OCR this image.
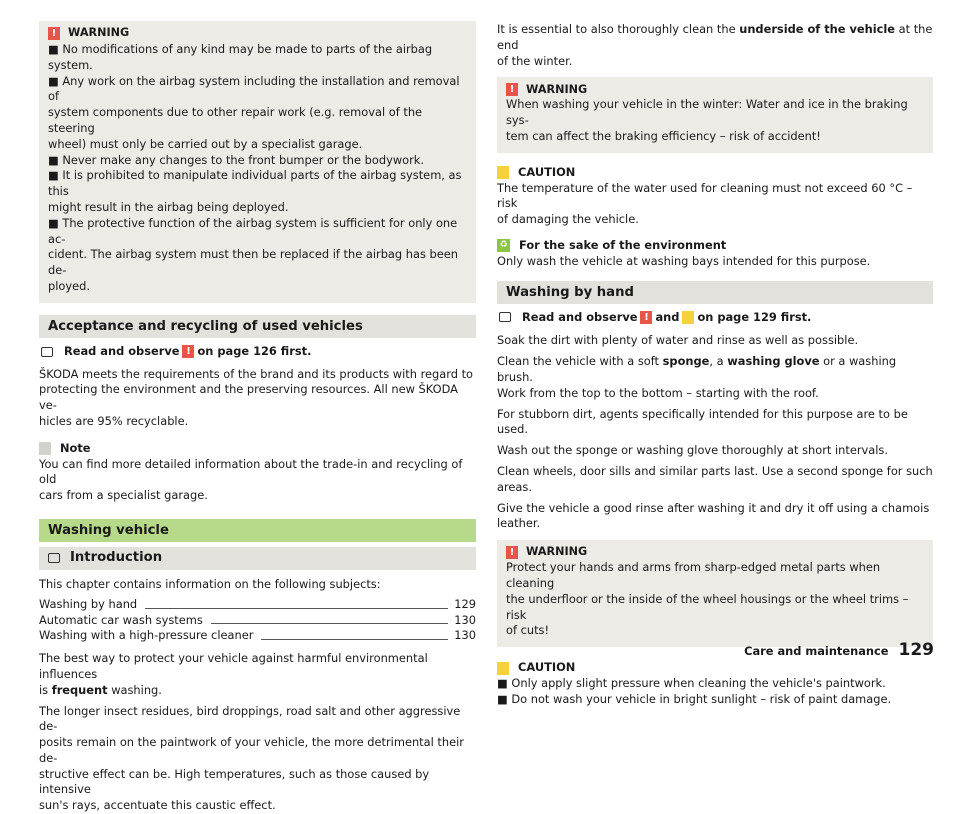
!	WARNING

■ No modifications of any kind may be made to parts of the airbag system.

■ Any work on the airbag system including the installation and removal of

system components due to other repair work (e.g. removal of the steering

wheel) must only be carried out by a specialist garage.

■ Never make any changes to the front bumper or the bodywork.

■ It is prohibited to manipulate individual parts of the airbag system, as this

might result in the airbag being deployed.

■ The protective function of the airbag system is sufficient for only one ac-

cident. The airbag system must then be replaced if the airbag has been de-

ployed.

Acceptance and recycling of used vehicles
Read and observe ! on page 126 first.

ŠKODA meets the requirements of the brand and its products with regard to

protecting the environment and the preserving resources. All new ŠKODA ve-

hicles are 95% recyclable.

Note

You can find more detailed information about the trade-in and recycling of old

cars from a specialist garage.

Washing vehicle
Introduction

This chapter contains information on the following subjects:

Washing by hand	129
Automatic car wash systems	130
Washing with a high-pressure cleaner	130

The best way to protect your vehicle against harmful environmental influences

is frequent washing.

The longer insect residues, bird droppings, road salt and other aggressive de-

posits remain on the paintwork of your vehicle, the more detrimental their de-

structive effect can be. High temperatures, such as those caused by intensive

sun's rays, accentuate this caustic effect.

It is essential to also thoroughly clean the underside of the vehicle at the end

of the winter.

!	WARNING

When washing your vehicle in the winter: Water and ice in the braking sys-

tem can affect the braking efficiency – risk of accident!

CAUTION

The temperature of the water used for cleaning must not exceed 60 °C – risk

of damaging the vehicle.

♻ For the sake of the environment

Only wash the vehicle at washing bays intended for this purpose.

Washing by hand
Read and observe ! and on page 129 first.

Soak the dirt with plenty of water and rinse as well as possible.

Clean the vehicle with a soft sponge, a washing glove or a washing brush.

Work from the top to the bottom – starting with the roof.

For stubborn dirt, agents specifically intended for this purpose are to be used.

Wash out the sponge or washing glove thoroughly at short intervals.

Clean wheels, door sills and similar parts last. Use a second sponge for such

areas.

Give the vehicle a good rinse after washing it and dry it off using a chamois

leather.

!	WARNING

Protect your hands and arms from sharp-edged metal parts when cleaning

the underfloor or the inside of the wheel housings or the wheel trims – risk

of cuts!

CAUTION

■ Only apply slight pressure when cleaning the vehicle's paintwork.

■ Do not wash your vehicle in bright sunlight – risk of paint damage.

Care and maintenance 129
